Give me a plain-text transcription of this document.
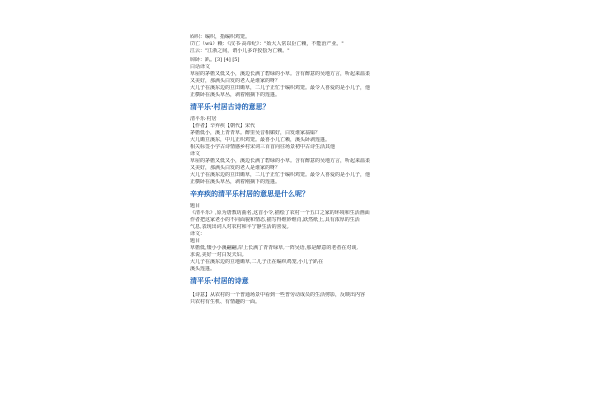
⑹织：编织，指编织鸡笼。
⑺亡（wú）赖：《汉书·高帝纪》："始大人常以臣亡赖，不能治产业。"
江云："江浙之间，谓小儿多诈狡狯为亡赖。"
⑻卧：趴。[3] [4] [5]
白话译文
草屋的茅檐又低又小，溪边长满了碧绿的小草。含有醉意的吴地方言，听起来温柔
又美好，那满头白发的老人是谁家的呀？
大儿子在溪东边的豆田锄草，二儿子正忙于编织鸡笼。最令人喜爱的是小儿子，他
正横卧在溪头草丛，剥着刚摘下的莲蓬。
清平乐·村居古诗的意思？
清平乐·村居
【作者】辛弃疾【朝代】宋代
茅檐低小，溪上青青草。醉里吴音相媚好，白发谁家翁媪？
大儿锄豆溪东，中儿正织鸡笼。最喜小儿亡赖，溪头卧剥莲蓬。
相关标签小学古诗情感乡村宋词三百首向往场景初中古诗生活其他
译文
草屋的茅檐又低又小，溪边长满了碧绿的小草。含有醉意的吴地方言，听起来温柔
又美好，那满头白发的老人是谁家的呀？
大儿子在溪东边的豆田锄草，二儿子正忙于编织鸡笼。最令人喜爱的是小儿子，他
正横卧在溪头草丛，剥着刚摘下的莲蓬。
辛弃疾的清平乐村居的意思是什么呢？
题目
《清平乐》,原为唐教坊曲名,这首小令,描绘了农村一个五口之家的环境和生活画面
作者把这家老小的不同面貌和情态,描写得维妙维肖,跃然纸上,具有浓厚的生活
气息,表现出词人对农村和平宁静生活的喜爱。
译文：
题目
草檐低,矮小小溪翩翩,岸上长满了青青绿草,一阵吴语,那是醉意的老者在对谈,
求说,美好一对白发夫妇。
大儿子在溪东边的豆地锄草,二儿子正在编织鸡笼,小儿子趴在
溪头莲蓬。
清平乐·村居的诗意
【诗意】从农村的一个普通场景中看到一些普劳动成员的生活剪影，反映出内容
只农村有生机、有情趣的一面。
